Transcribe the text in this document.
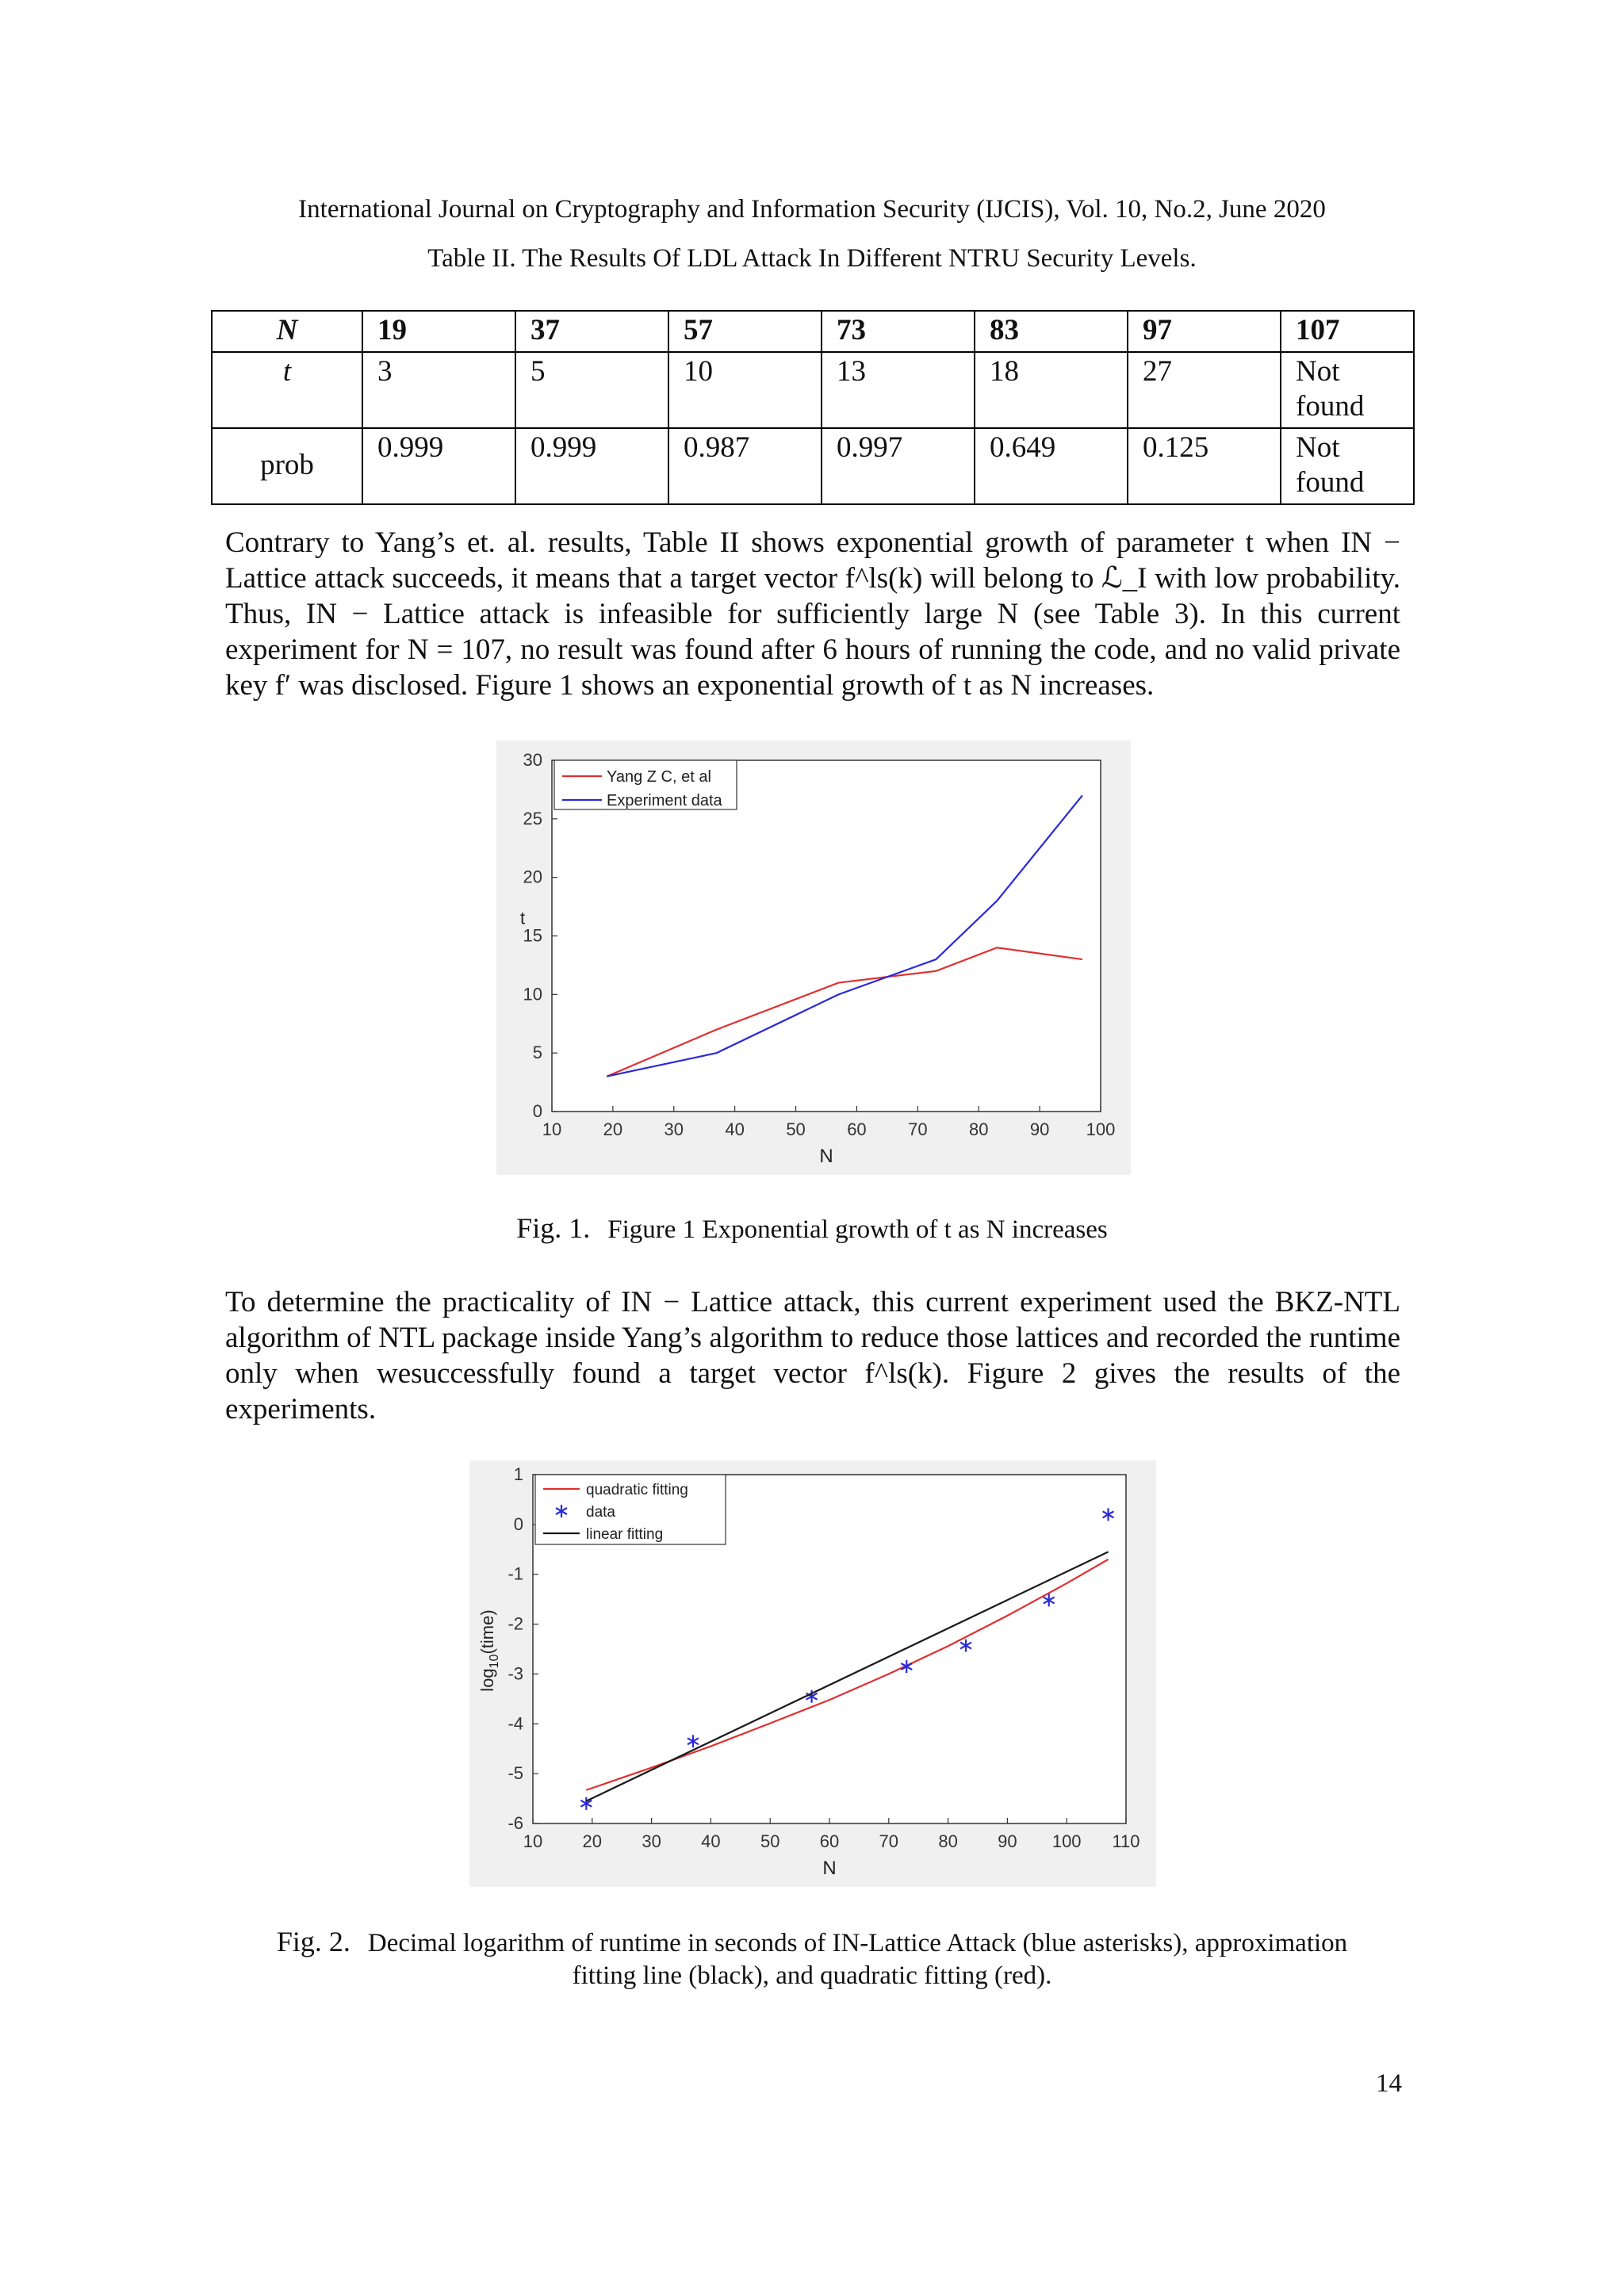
International Journal on Cryptography and Information Security (IJCIS), Vol. 10, No.2, June 2020
Table II. The Results Of LDL Attack In Different NTRU Security Levels.
N	19	37	57	73	83	97	107
t	3	5	10	13	18	27	Not found
prob	0.999	0.999	0.987	0.997	0.649	0.125	Not found

Contrary to Yang’s et. al. results, Table II shows exponential growth of parameter t when IN − Lattice attack succeeds, it means that a target vector f^ls(k) will belong to ℒ_I with low probability. Thus, IN − Lattice attack is infeasible for sufficiently large N (see Table 3). In this current experiment for N = 107, no result was found after 6 hours of running the code, and no valid private key f′ was disclosed. Figure 1 shows an exponential growth of t as N increases.

10 20 30 40 50 60 70 80 90 100
0
5
10
15
20
25
30
N
t
Yang Z C, et al
Experiment data
Fig. 1. Figure 1 Exponential growth of t as N increases

To determine the practicality of IN − Lattice attack, this current experiment used the BKZ-NTL algorithm of NTL package inside Yang’s algorithm to reduce those lattices and recorded the runtime only when wesuccessfully found a target vector f^ls(k). Figure 2 gives the results of the experiments.

10 20 30 40 50 60 70 80 90 100 110
1
0
-1
-2
-3
-4
-5
-6
N
$\log_{10}(time)$
quadratic fitting
data
linear fitting
Fig. 2. Decimal logarithm of runtime in seconds of IN-Lattice Attack (blue asterisks), approximation
fitting line (black), and quadratic fitting (red).
14
